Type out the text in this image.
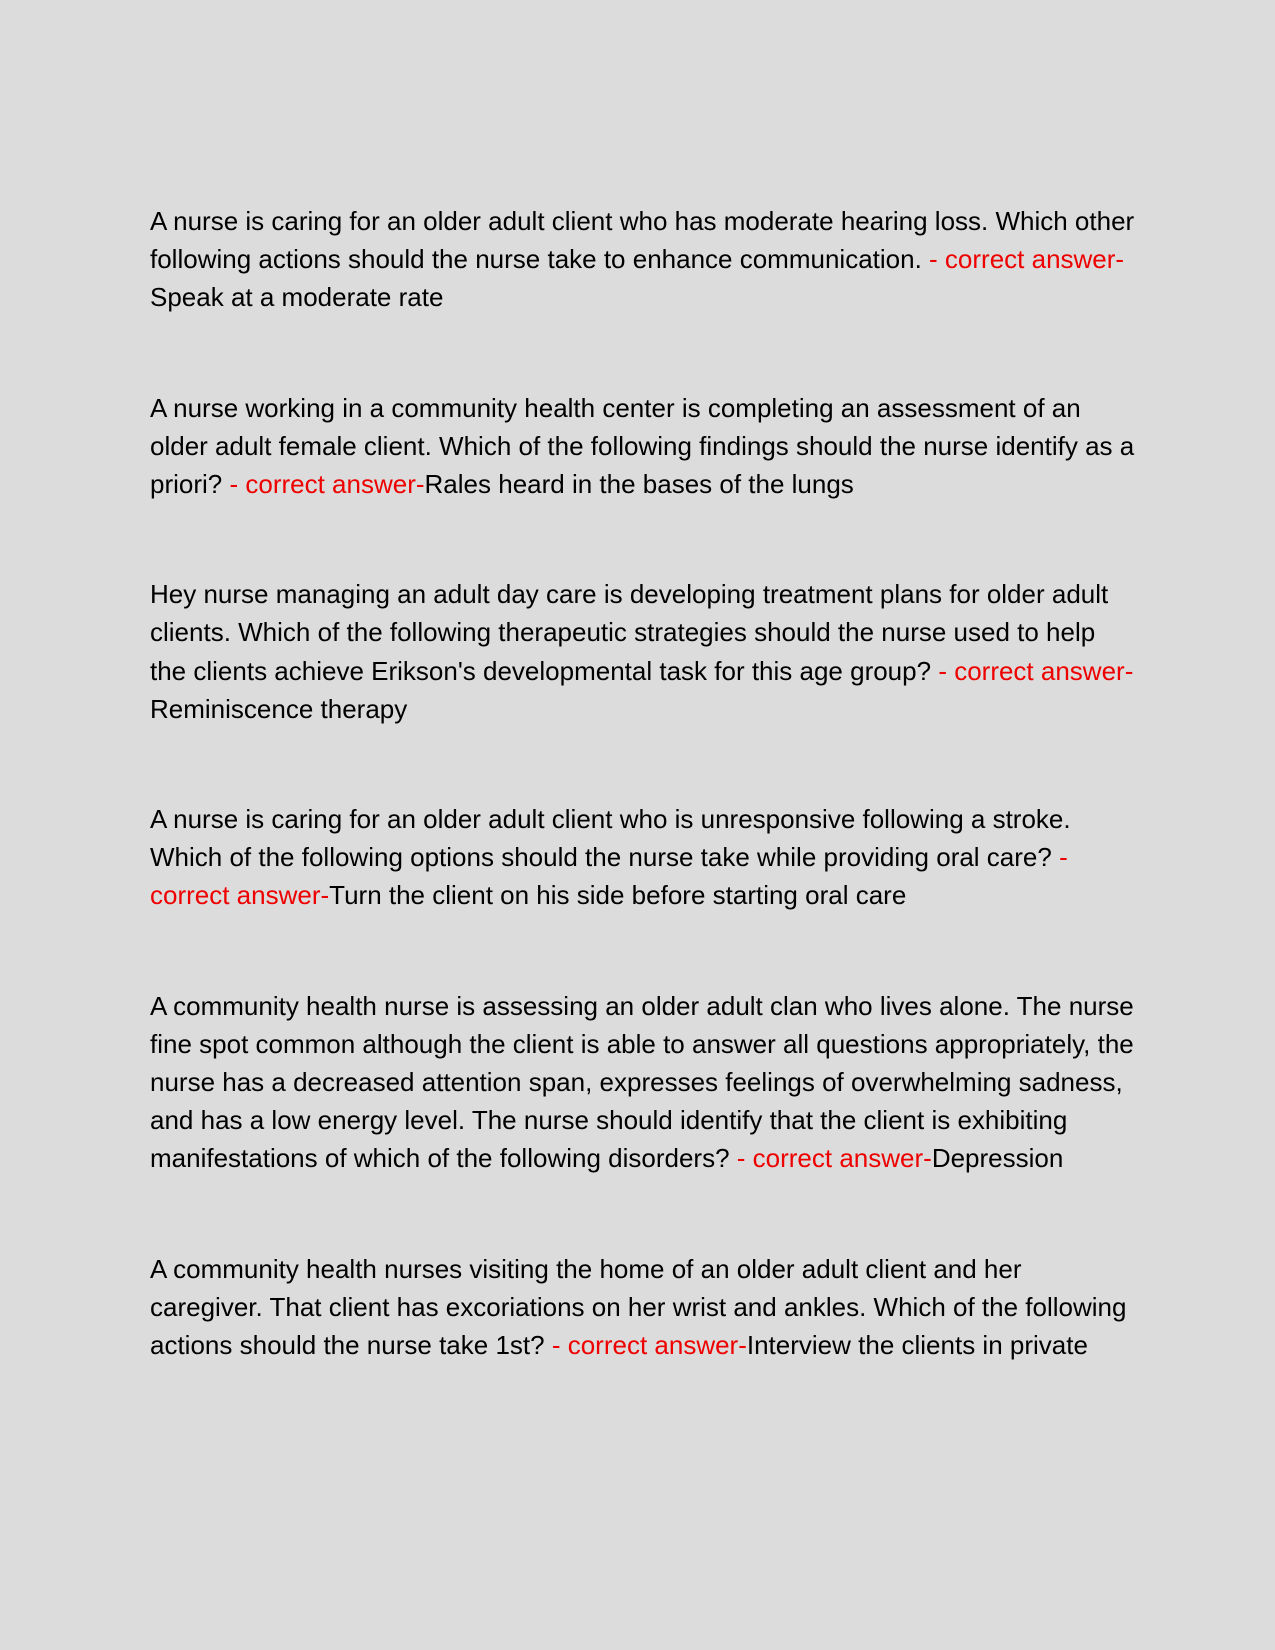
A nurse is caring for an older adult client who has moderate hearing loss. Which other following actions should the nurse take to enhance communication. - correct answer-Speak at a moderate rate

A nurse working in a community health center is completing an assessment of an older adult female client. Which of the following findings should the nurse identify as a priori? - correct answer-Rales heard in the bases of the lungs

Hey nurse managing an adult day care is developing treatment plans for older adult clients. Which of the following therapeutic strategies should the nurse used to help the clients achieve Erikson's developmental task for this age group? - correct answer-Reminiscence therapy

A nurse is caring for an older adult client who is unresponsive following a stroke. Which of the following options should the nurse take while providing oral care? - correct answer-Turn the client on his side before starting oral care

A community health nurse is assessing an older adult clan who lives alone. The nurse fine spot common although the client is able to answer all questions appropriately, the nurse has a decreased attention span, expresses feelings of overwhelming sadness, and has a low energy level. The nurse should identify that the client is exhibiting manifestations of which of the following disorders? - correct answer-Depression

A community health nurses visiting the home of an older adult client and her caregiver. That client has excoriations on her wrist and ankles. Which of the following actions should the nurse take 1st? - correct answer-Interview the clients in private
